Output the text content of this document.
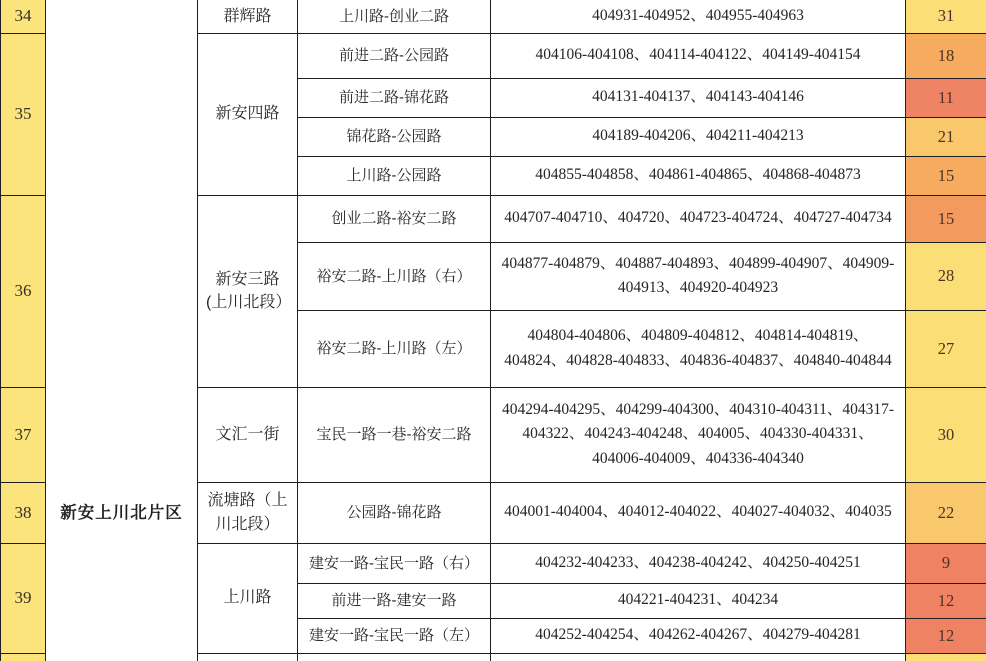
34	新安上川北片区	群辉路	上川路-创业二路	404931-404952、404955-404963	31
35		新安四路	前进二路-公园路	404106-404108、404114-404122、404149-404154	18
			前进二路-锦花路	404131-404137、404143-404146	11
			锦花路-公园路	404189-404206、404211-404213	21
			上川路-公园路	404855-404858、404861-404865、404868-404873	15
36		新安三路(上川北段）	创业二路-裕安二路	404707-404710、404720、404723-404724、404727-404734	15
			裕安二路-上川路（右）	404877-404879、404887-404893、404899-404907、404909-404913、404920-404923	28
			裕安二路-上川路（左）	404804-404806、404809-404812、404814-404819、404824、404828-404833、404836-404837、404840-404844	27
37		文汇一街	宝民一路一巷-裕安二路	404294-404295、404299-404300、404310-404311、404317-404322、404243-404248、404005、404330-404331、404006-404009、404336-404340	30
38		流塘路（上川北段）	公园路-锦花路	404001-404004、404012-404022、404027-404032、404035	22
39		上川路	建安一路-宝民一路（右）	404232-404233、404238-404242、404250-404251	9
			前进一路-建安一路	404221-404231、404234	12
			建安一路-宝民一路（左）	404252-404254、404262-404267、404279-404281	12
